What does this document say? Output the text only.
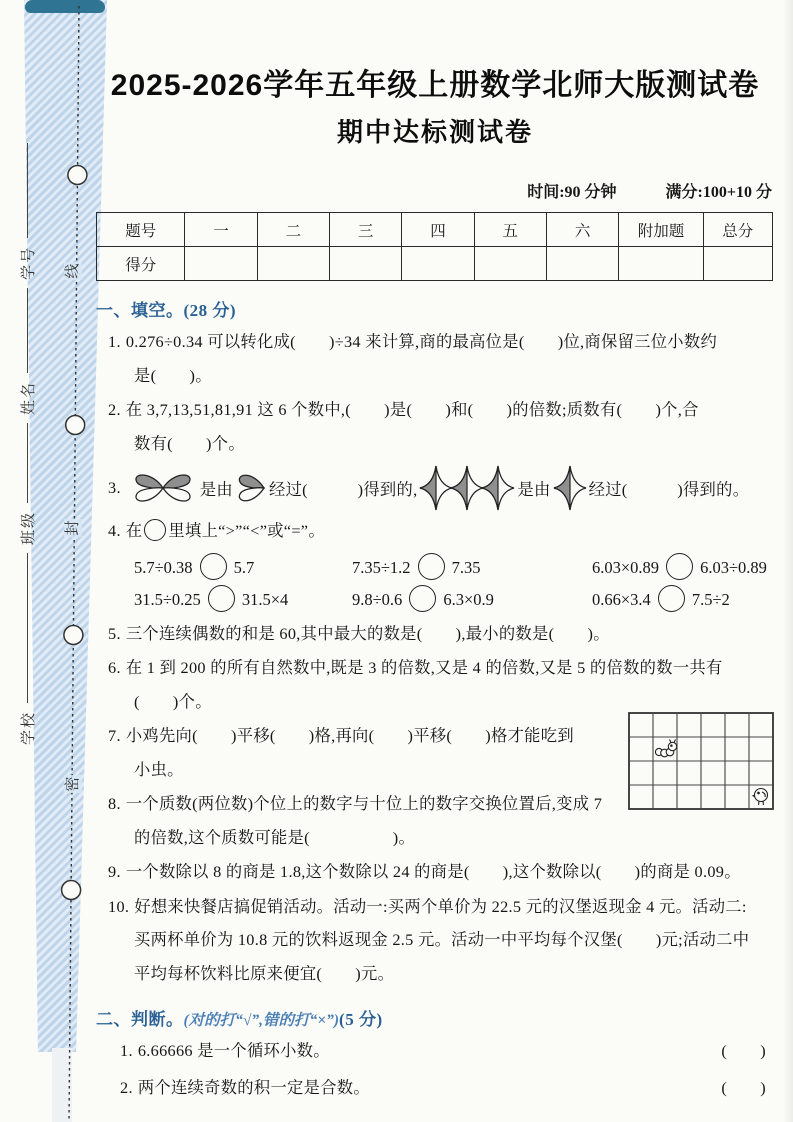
学校
班级
姓名
学号 线
封
密
2025-2026学年五年级上册数学北师大版测试卷
期中达标测试卷
时间:90 分钟	满分:100+10 分
题号	一	二	三	四	五	六	附加题	总分
得分								
一、填空。(28 分)
1. 0.276÷0.34 可以转化成(　　)÷34 来计算,商的最高位是(　　)位,商保留三位小数约
是(　　)。
2. 在 3,7,13,51,81,91 这 6 个数中,(　　)是(　　)和(　　)的倍数;质数有(　　)个,合
数有(　　)个。
3.	是由 经过(　　　)得到的,	是由 经过(　　　)得到的。
4. 在 里填上“>”“<”或“=”。
5.7÷0.38 5.7	7.35÷1.2 7.35	6.03×0.89 6.03÷0.89
31.5÷0.25 31.5×4	9.8÷0.6 6.3×0.9	0.66×3.4 7.5÷2
5. 三个连续偶数的和是 60,其中最大的数是(　　),最小的数是(　　)。
6. 在 1 到 200 的所有自然数中,既是 3 的倍数,又是 4 的倍数,又是 5 的倍数的数一共有
(　　)个。
7. 小鸡先向(　　)平移(　　)格,再向(　　)平移(　　)格才能吃到
小虫。
8. 一个质数(两位数)个位上的数字与十位上的数字交换位置后,变成 7
的倍数,这个质数可能是(　　　　　)。
9. 一个数除以 8 的商是 1.8,这个数除以 24 的商是(　　),这个数除以(　　)的商是 0.09。
10. 好想来快餐店搞促销活动。活动一:买两个单价为 22.5 元的汉堡返现金 4 元。活动二:
买两杯单价为 10.8 元的饮料返现金 2.5 元。活动一中平均每个汉堡(　　)元;活动二中
平均每杯饮料比原来便宜(　　)元。
二、判断。(对的打“√”,错的打“×”)(5 分)
1. 6.66666 是一个循环小数。	(　　)
2. 两个连续奇数的积一定是合数。	(　　)
